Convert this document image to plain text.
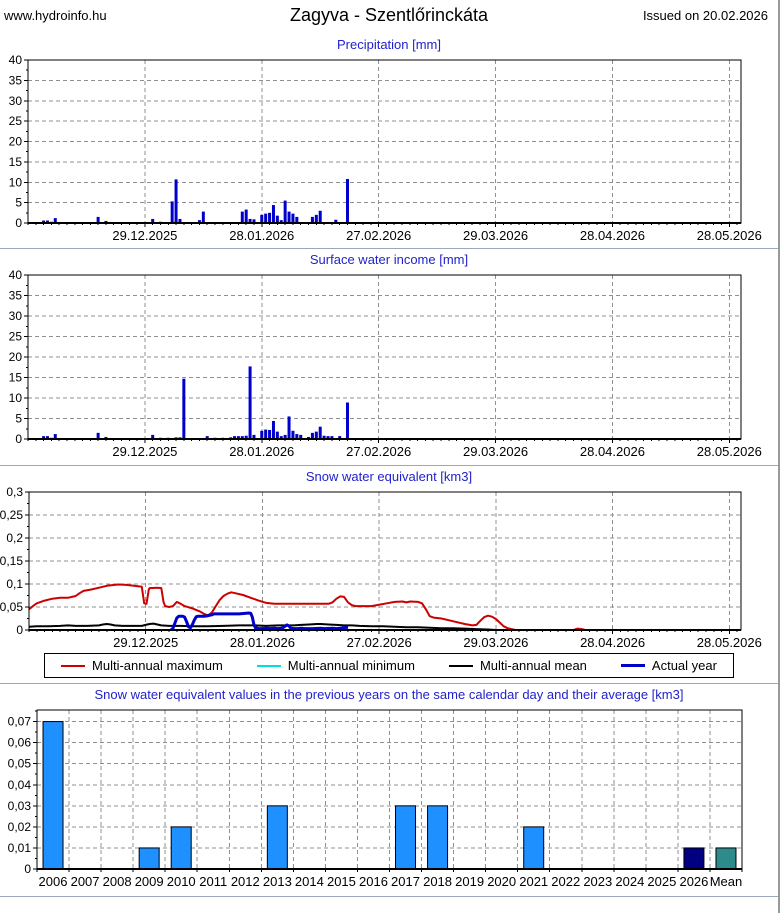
www.hydroinfo.hu	Zagyva - Szentlőrinckáta	Issued on 20.02.2026
Precipitation [mm]
29.12.2025	28.01.2026	27.02.2026	29.03.2026	28.04.2026	28.05.2026
0
5
10
15
20
25
30
35
40
Surface water income [mm]
29.12.2025	28.01.2026	27.02.2026	29.03.2026	28.04.2026	28.05.2026
0
5
10
15
20
25
30
35
40
Snow water equivalent [km3]
29.12.2025	28.01.2026	27.02.2026	29.03.2026	28.04.2026	28.05.2026
0
0,05
0,1
0,15
0,2
0,25
0,3
Multi-annual maximum	Multi-annual minimum	Multi-annual mean	Actual year
Snow water equivalent values in the previous years on the same calendar day and their average [km3]
2006 2007 2008 2009 2010 2011 2012 2013 2014 2015 2016 2017 2018 2019 2020 2021 2022 2023 2024 2025 2026 Mean
0
0,01
0,02
0,03
0,04
0,05
0,06
0,07
